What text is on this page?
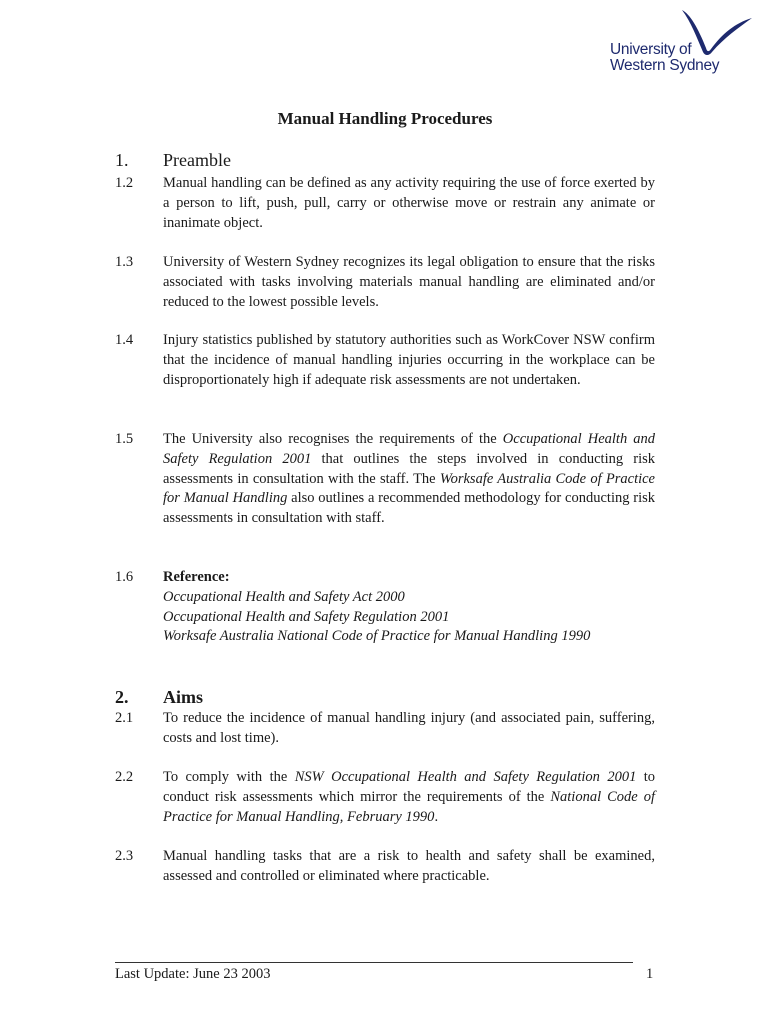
University of
Western Sydney
Manual Handling Procedures
1. Preamble
1.2 Manual handling can be defined as any activity requiring the use of force exerted by a person to lift, push, pull, carry or otherwise move or restrain any animate or inanimate object.
1.3 University of Western Sydney recognizes its legal obligation to ensure that the risks associated with tasks involving materials manual handling are eliminated and/or reduced to the lowest possible levels.
1.4 Injury statistics published by statutory authorities such as WorkCover NSW confirm that the incidence of manual handling injuries occurring in the workplace can be disproportionately high if adequate risk assessments are not undertaken.
1.5 The University also recognises the requirements of the Occupational Health and Safety Regulation 2001 that outlines the steps involved in conducting risk assessments in consultation with the staff. The Worksafe Australia Code of Practice for Manual Handling also outlines a recommended methodology for conducting risk assessments in consultation with staff.
1.6 Reference:
Occupational Health and Safety Act 2000
Occupational Health and Safety Regulation 2001
Worksafe Australia National Code of Practice for Manual Handling 1990
2. Aims
2.1 To reduce the incidence of manual handling injury (and associated pain, suffering, costs and lost time).
2.2 To comply with the NSW Occupational Health and Safety Regulation 2001 to conduct risk assessments which mirror the requirements of the National Code of Practice for Manual Handling, February 1990.
2.3 Manual handling tasks that are a risk to health and safety shall be examined, assessed and controlled or eliminated where practicable.
Last Update: June 23 2003	1
